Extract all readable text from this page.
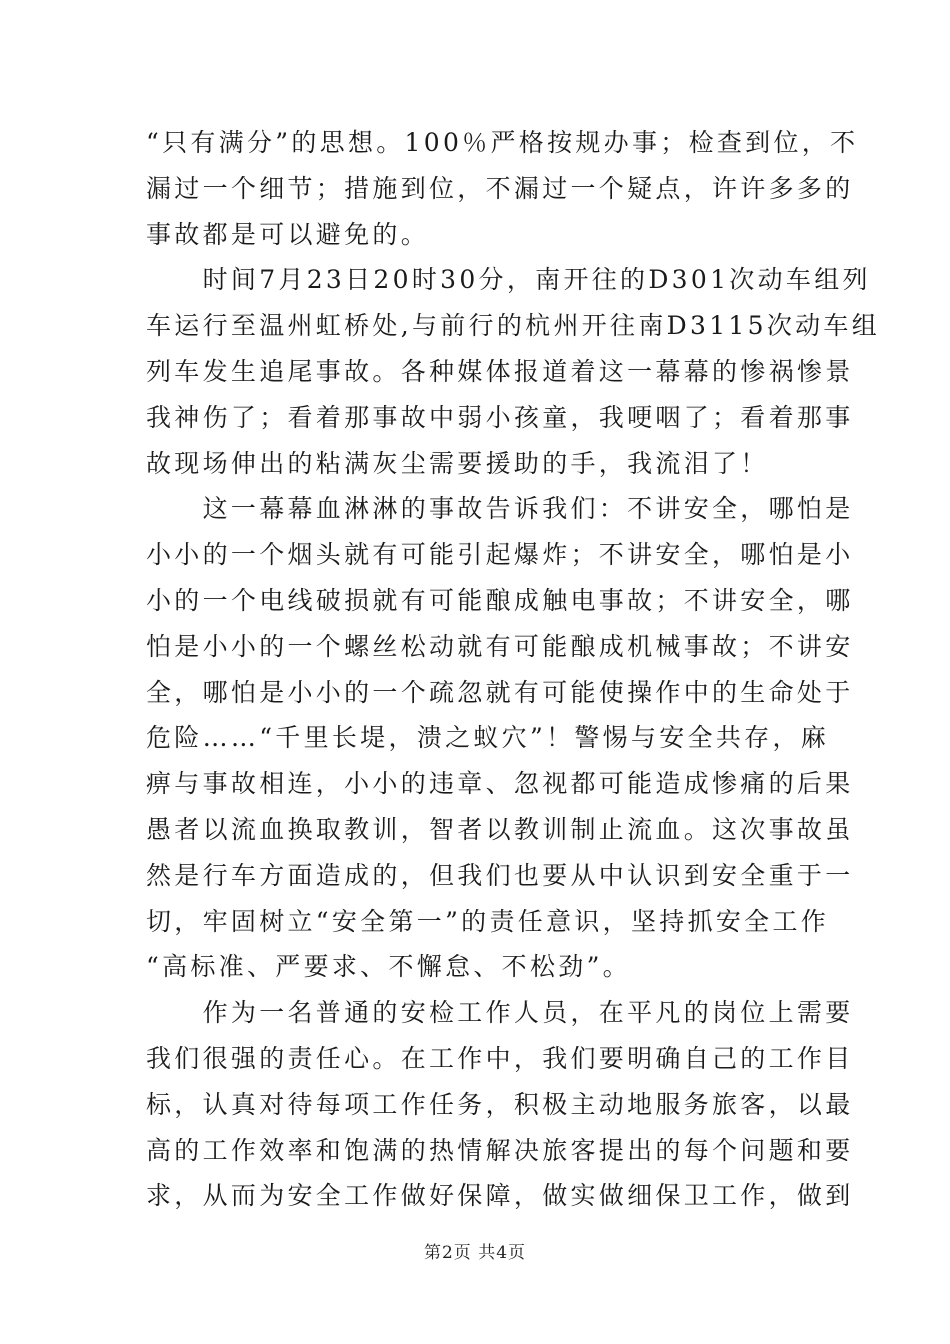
“只有满分”的思想。100％严格按规办事；检查到位，不
漏过一个细节；措施到位，不漏过一个疑点，许许多多的
事故都是可以避免的。
　　时间7月23日20时30分，南开往的D301次动车组列
车运行至温州虹桥处,与前行的杭州开往南D3115次动车组
列车发生追尾事故。各种媒体报道着这一幕幕的惨祸惨景
我神伤了；看着那事故中弱小孩童，我哽咽了；看着那事
故现场伸出的粘满灰尘需要援助的手，我流泪了！
　　这一幕幕血淋淋的事故告诉我们：不讲安全，哪怕是
小小的一个烟头就有可能引起爆炸；不讲安全，哪怕是小
小的一个电线破损就有可能酿成触电事故；不讲安全，哪
怕是小小的一个螺丝松动就有可能酿成机械事故；不讲安
全，哪怕是小小的一个疏忽就有可能使操作中的生命处于
危险……“千里长堤，溃之蚁穴”！警惕与安全共存，麻
痹与事故相连，小小的违章、忽视都可能造成惨痛的后果
愚者以流血换取教训，智者以教训制止流血。这次事故虽
然是行车方面造成的，但我们也要从中认识到安全重于一
切，牢固树立“安全第一”的责任意识，坚持抓安全工作
“高标准、严要求、不懈怠、不松劲”。
　　作为一名普通的安检工作人员，在平凡的岗位上需要
我们很强的责任心。在工作中，我们要明确自己的工作目
标，认真对待每项工作任务，积极主动地服务旅客，以最
高的工作效率和饱满的热情解决旅客提出的每个问题和要
求，从而为安全工作做好保障，做实做细保卫工作，做到
第2页 共4页
